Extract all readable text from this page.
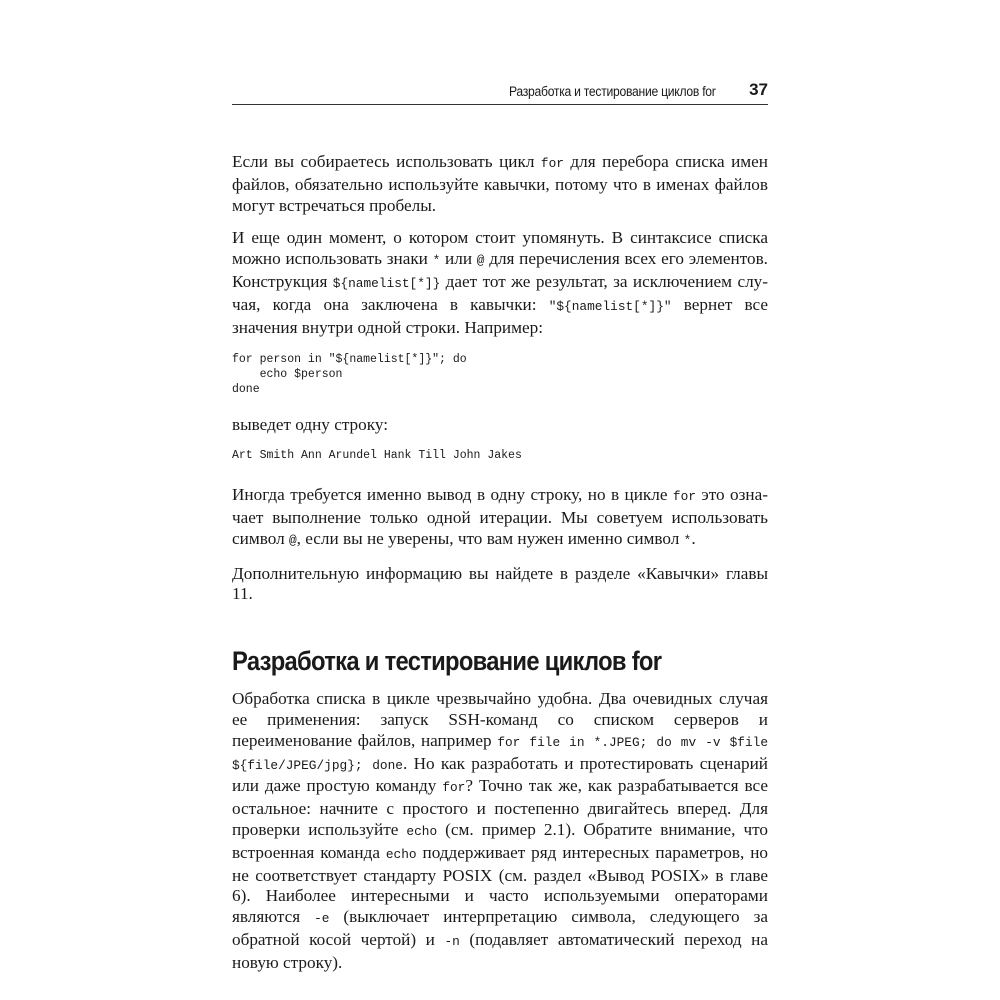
Разработка и тестирование циклов for 37

Если вы собираетесь использовать цикл for для перебора списка имен файлов, обязательно используйте кавычки, потому что в именах файлов могут встречаться пробелы.

И еще один момент, о котором стоит упомянуть. В синтаксисе списка можно использовать знаки * или @ для перечисления всех его элементов. Конструкция ${namelist[*]} дает тот же результат, за исключением случая, когда она заключена в кавычки: "${namelist[*]}" вернет все значения внутри одной строки. Например:

for person in "${namelist[*]}"; do
echo $person
done

выведет одну строку:

Art Smith Ann Arundel Hank Till John Jakes

Иногда требуется именно вывод в одну строку, но в цикле for это означает выполнение только одной итерации. Мы советуем использовать символ @, если вы не уверены, что вам нужен именно символ *.

Дополнительную информацию вы найдете в разделе «Кавычки» главы 11.

Разработка и тестирование циклов for

Обработка списка в цикле чрезвычайно удобна. Два очевидных случая ее применения: запуск SSH-команд со списком серверов и переименование файлов, например for file in *.JPEG; do mv -v $file ${file/JPEG/jpg}; done. Но как разработать и протестировать сценарий или даже простую команду for? Точно так же, как разрабатывается все остальное: начните с простого и постепенно двигайтесь вперед. Для проверки используйте echo (см. пример 2.1). Обратите внимание, что встроенная команда echo поддерживает ряд интересных параметров, но не соответствует стандарту POSIX (см. раздел «Вывод POSIX» в главе 6). Наиболее интересными и часто используемыми операторами являются -e (выключает интерпретацию символа, следующего за обратной косой чертой) и -n (подавляет автоматический переход на новую строку).
